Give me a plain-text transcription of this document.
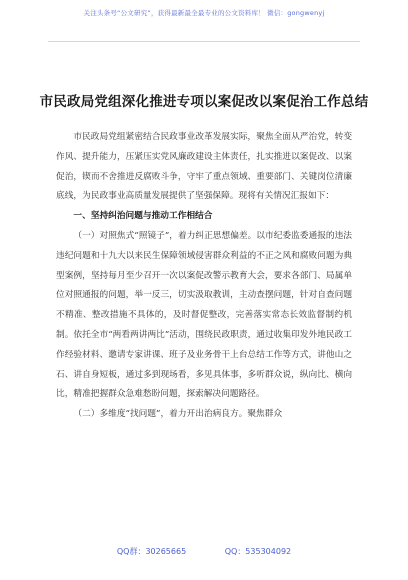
关注头条号“公文研究”，获得最新最全最专业的公文资料库！ 微信：gongwenyj
市民政局党组深化推进专项以案促改以案促治工作总结

市民政局党组紧密结合民政事业改革发展实际，聚焦全面从严治党，转变作风、提升能力，压紧压实党风廉政建设主体责任，扎实推进以案促改、以案促治，锲而不舍推进反腐败斗争，守牢了重点领域、重要部门、关键岗位清廉底线，为民政事业高质量发展提供了坚强保障。现将有关情况汇报如下：

一、坚持纠治问题与推动工作相结合

（一）对照焦式“照镜子”，着力纠正思想偏差。以市纪委监委通报的违法违纪问题和十九大以来民生保障领域侵害群众利益的不正之风和腐败问题为典型案例，坚持每月至少召开一次以案促改警示教育大会，要求各部门、局属单位对照通报的问题，举一反三，切实汲取教训，主动查摆问题，针对自查问题不精准、整改措施不具体的，及时督促整改，完善落实常态长效监督制约机制。依托全市“两看两讲两比”活动，围绕民政职责，通过收集印发外地民政工作经验材料、邀请专家讲课、班子及业务骨干上台总结工作等方式，讲他山之石、讲自身短板，通过多到现场看，多见具体事，多听群众说，纵向比、横向比，精准把握群众急难愁盼问题，探索解决问题路径。

（二）多维度“找问题”，着力开出治病良方。聚焦群众

QQ群：30265665	QQ：535304092
